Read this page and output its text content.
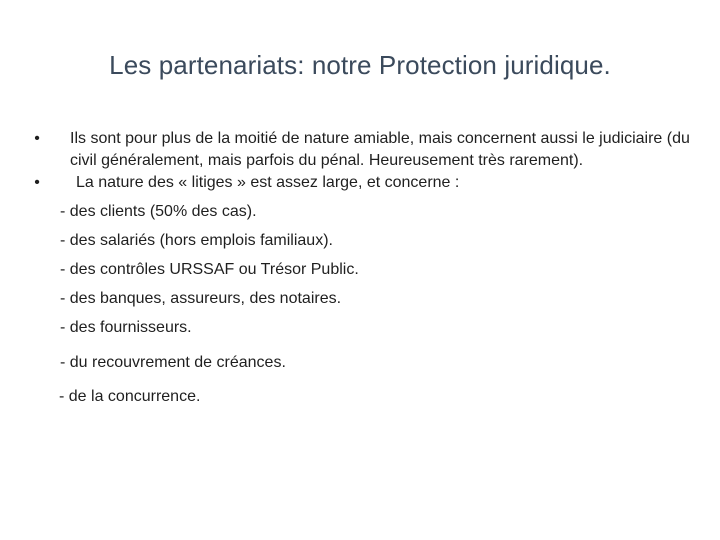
Les partenariats: notre Protection juridique.
• Ils sont pour plus de la moitié de nature amiable, mais concernent aussi le judiciaire (du civil généralement, mais parfois du pénal. Heureusement très rarement).
• La nature des « litiges » est assez large, et concerne :
- des clients (50% des cas).
- des salariés (hors emplois familiaux).
- des contrôles URSSAF ou Trésor Public.
- des banques, assureurs, des notaires.
- des fournisseurs.
- du recouvrement de créances.
- de la concurrence.
